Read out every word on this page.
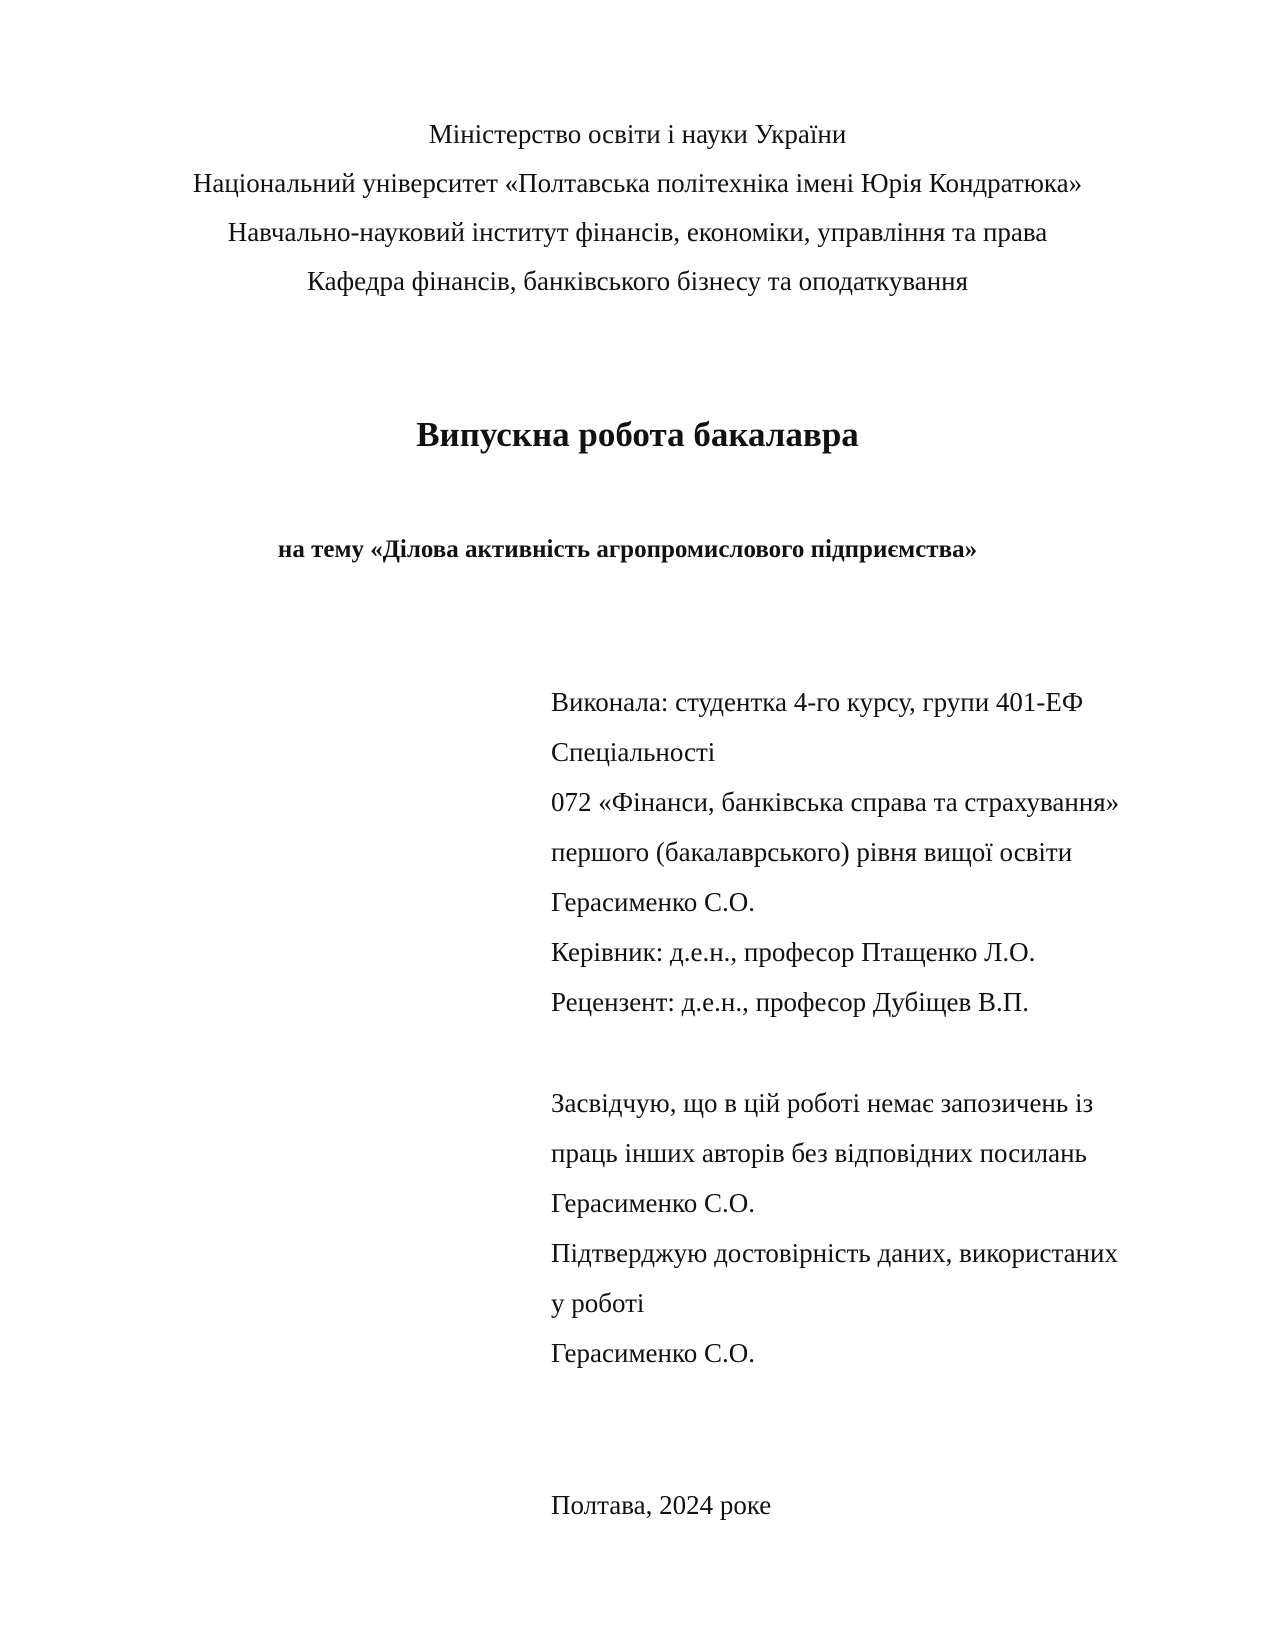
Міністерство освіти і науки України
Національний університет «Полтавська політехніка імені Юрія Кондратюка»
Навчально-науковий інститут фінансів, економіки, управління та права
Кафедра фінансів, банківського бізнесу та оподаткування
Випускна робота бакалавра
на тему «Ділова активність агропромислового підприємства»
Виконала: студентка 4-го курсу, групи 401-ЕФ
Спеціальності
072 «Фінанси, банківська справа та страхування»
першого (бакалаврського) рівня вищої освіти
Герасименко С.О.
Керівник: д.е.н., професор Птащенко Л.О.
Рецензент: д.е.н., професор Дубіщев В.П.
Засвідчую, що в цій роботі немає запозичень із
праць інших авторів без відповідних посилань
Герасименко С.О.
Підтверджую достовірність даних, використаних
у роботі
Герасименко С.О.
Полтава, 2024 роке
